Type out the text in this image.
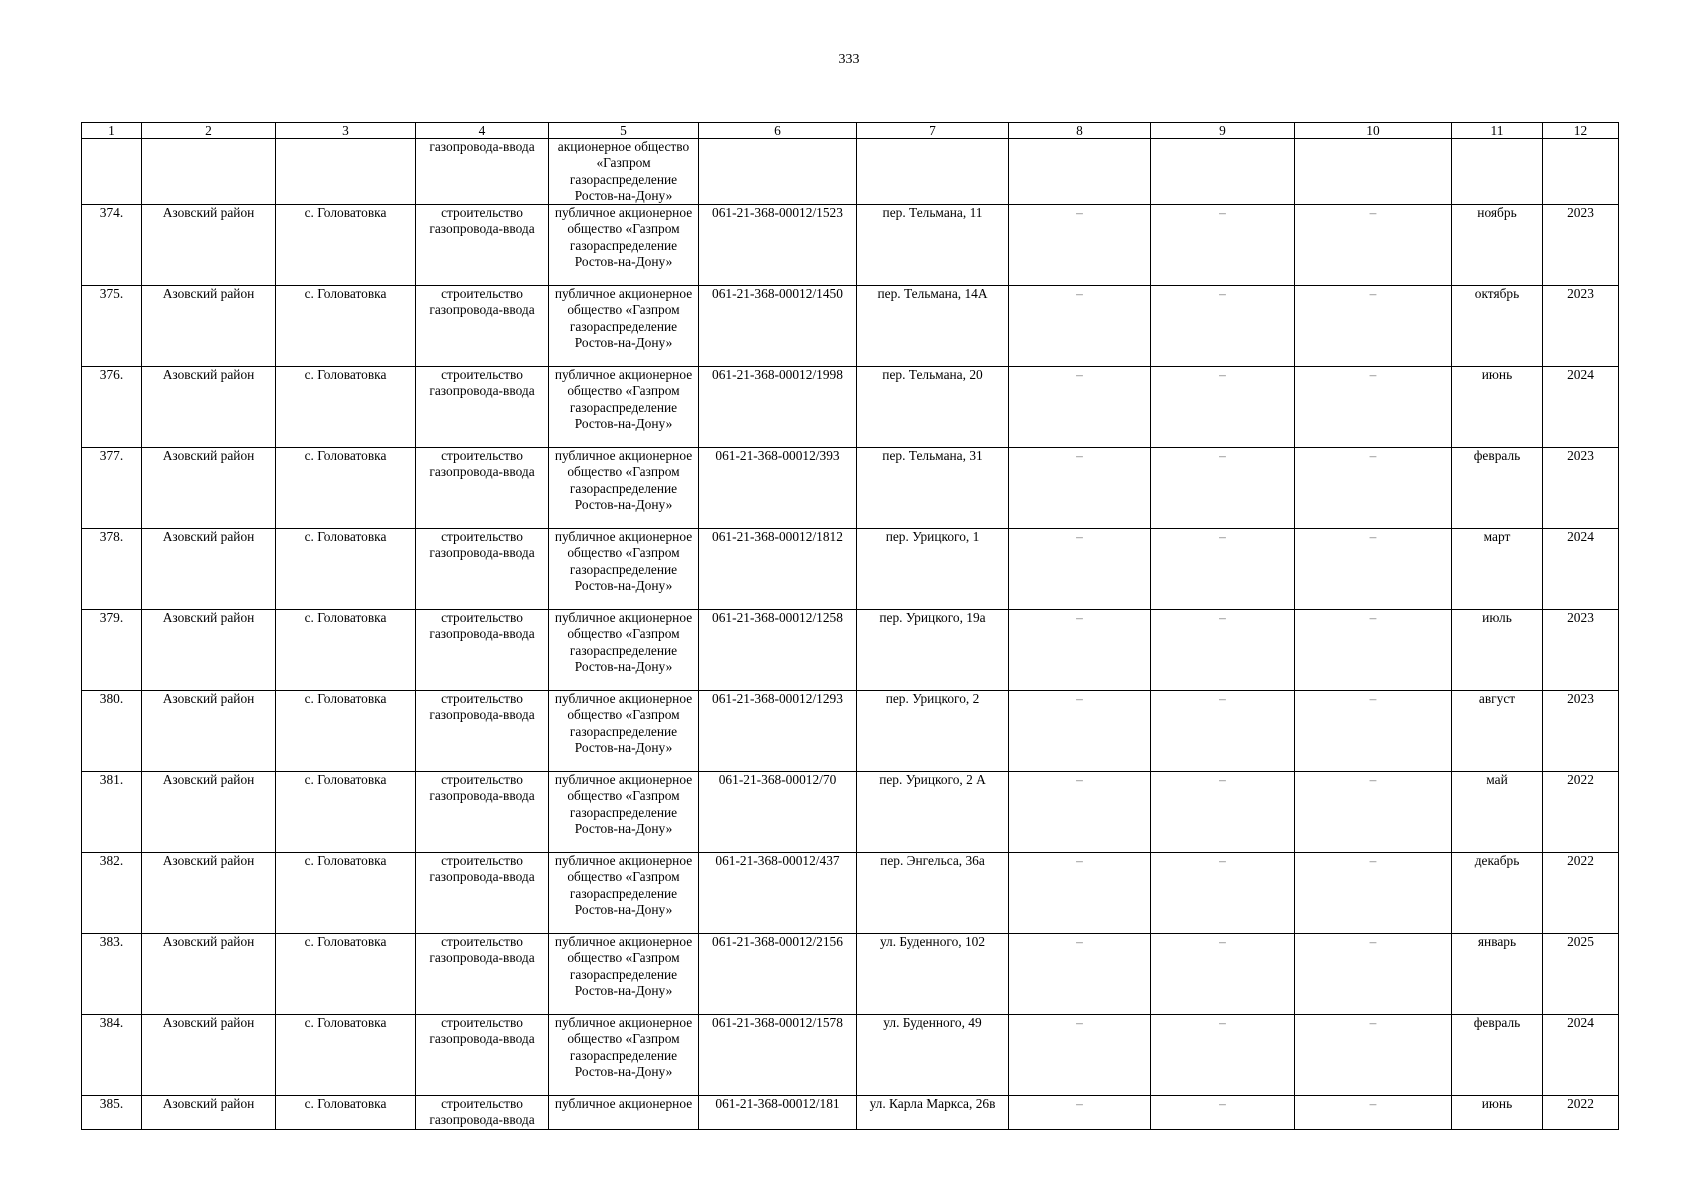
333
1	2	3	4	5	6	7	8	9	10	11	12
			газопровода-ввода	акционерное общество «Газпром газораспределение Ростов-на-Дону»							
374.	Азовский район	с. Головатовка	строительство газопровода-ввода	публичное акционерное общество «Газпром газораспределение Ростов-на-Дону»	061-21-368-00012/1523	пер. Тельмана, 11	–	–	–	ноябрь	2023
375.	Азовский район	с. Головатовка	строительство газопровода-ввода	публичное акционерное общество «Газпром газораспределение Ростов-на-Дону»	061-21-368-00012/1450	пер. Тельмана, 14А	–	–	–	октябрь	2023
376.	Азовский район	с. Головатовка	строительство газопровода-ввода	публичное акционерное общество «Газпром газораспределение Ростов-на-Дону»	061-21-368-00012/1998	пер. Тельмана, 20	–	–	–	июнь	2024
377.	Азовский район	с. Головатовка	строительство газопровода-ввода	публичное акционерное общество «Газпром газораспределение Ростов-на-Дону»	061-21-368-00012/393	пер. Тельмана, 31	–	–	–	февраль	2023
378.	Азовский район	с. Головатовка	строительство газопровода-ввода	публичное акционерное общество «Газпром газораспределение Ростов-на-Дону»	061-21-368-00012/1812	пер. Урицкого, 1	–	–	–	март	2024
379.	Азовский район	с. Головатовка	строительство газопровода-ввода	публичное акционерное общество «Газпром газораспределение Ростов-на-Дону»	061-21-368-00012/1258	пер. Урицкого, 19а	–	–	–	июль	2023
380.	Азовский район	с. Головатовка	строительство газопровода-ввода	публичное акционерное общество «Газпром газораспределение Ростов-на-Дону»	061-21-368-00012/1293	пер. Урицкого, 2	–	–	–	август	2023
381.	Азовский район	с. Головатовка	строительство газопровода-ввода	публичное акционерное общество «Газпром газораспределение Ростов-на-Дону»	061-21-368-00012/70	пер. Урицкого, 2 А	–	–	–	май	2022
382.	Азовский район	с. Головатовка	строительство газопровода-ввода	публичное акционерное общество «Газпром газораспределение Ростов-на-Дону»	061-21-368-00012/437	пер. Энгельса, 36а	–	–	–	декабрь	2022
383.	Азовский район	с. Головатовка	строительство газопровода-ввода	публичное акционерное общество «Газпром газораспределение Ростов-на-Дону»	061-21-368-00012/2156	ул. Буденного, 102	–	–	–	январь	2025
384.	Азовский район	с. Головатовка	строительство газопровода-ввода	публичное акционерное общество «Газпром газораспределение Ростов-на-Дону»	061-21-368-00012/1578	ул. Буденного, 49	–	–	–	февраль	2024
385.	Азовский район	с. Головатовка	строительство газопровода-ввода	публичное акционерное	061-21-368-00012/181	ул. Карла Маркса, 26в	–	–	–	июнь	2022
